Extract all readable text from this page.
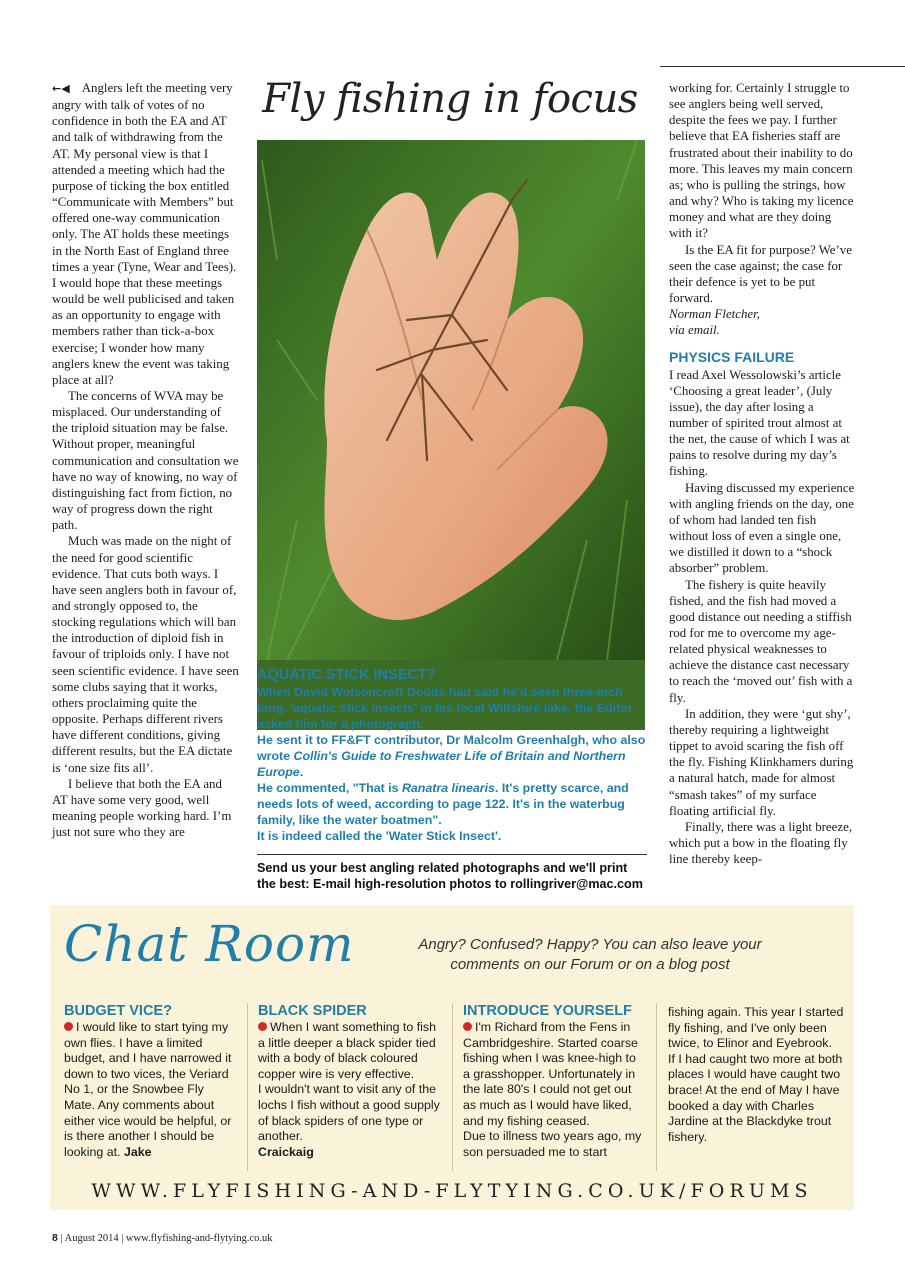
←◀ Anglers left the meeting very angry with talk of votes of no confidence in both the EA and AT and talk of withdrawing from the AT. My personal view is that I attended a meeting which had the purpose of ticking the box entitled “Communicate with Members” but offered one-way communication only. The AT holds these meetings in the North East of England three times a year (Tyne, Wear and Tees). I would hope that these meetings would be well publicised and taken as an opportunity to engage with members rather than tick-a-box exercise; I wonder how many anglers knew the event was taking place at all?

The concerns of WVA may be misplaced. Our understanding of the triploid situation may be false. Without proper, meaningful communication and consultation we have no way of knowing, no way of distinguishing fact from fiction, no way of progress down the right path.

Much was made on the night of the need for good scientific evidence. That cuts both ways. I have seen anglers both in favour of, and strongly opposed to, the stocking regulations which will ban the introduction of diploid fish in favour of triploids only. I have not seen scientific evidence. I have seen some clubs saying that it works, others proclaiming quite the opposite. Perhaps different rivers have different conditions, giving different results, but the EA dictate is ‘one size fits all’.

I believe that both the EA and AT have some very good, well meaning people working hard. I’m just not sure who they are

Fly fishing in focus
AQUATIC STICK INSECT?
When David Wolsoncroft Dodds had said he'd seen three-inch long, 'aquatic stick insects' in his local Wiltshire lake, the Editor asked him for a photograph.
He sent it to FF&FT contributor, Dr Malcolm Greenhalgh, who also wrote Collin's Guide to Freshwater Life of Britain and Northern Europe.
He commented, "That is Ranatra linearis. It's pretty scarce, and needs lots of weed, according to page 122. It's in the waterbug family, like the water boatmen".
It is indeed called the 'Water Stick Insect'.
Send us your best angling related photographs and we'll print the best: E-mail high-resolution photos to rollingriver@mac.com

working for. Certainly I struggle to see anglers being well served, despite the fees we pay. I further believe that EA fisheries staff are frustrated about their inability to do more. This leaves my main concern as; who is pulling the strings, how and why? Who is taking my licence money and what are they doing with it?

Is the EA fit for purpose? We’ve seen the case against; the case for their defence is yet to be put forward.

Norman Fletcher,

via email.

PHYSICS FAILURE

I read Axel Wessolowski’s article ‘Choosing a great leader’, (July issue), the day after losing a number of spirited trout almost at the net, the cause of which I was at pains to resolve during my day’s fishing.

Having discussed my experience with angling friends on the day, one of whom had landed ten fish without loss of even a single one, we distilled it down to a “shock absorber” problem.

The fishery is quite heavily fished, and the fish had moved a good distance out needing a stiffish rod for me to overcome my age-related physical weaknesses to achieve the distance cast necessary to reach the ‘moved out’ fish with a fly.

In addition, they were ‘gut shy’, thereby requiring a lightweight tippet to avoid scaring the fish off the fly. Fishing Klinkhamers during a natural hatch, made for almost “smash takes” of my surface floating artificial fly.

Finally, there was a light breeze, which put a bow in the floating fly line thereby keep-

Chat Room	Angry? Confused? Happy? You can also leave your comments on our Forum or on a blog post
BUDGET VICE?

I would like to start tying my own flies. I have a limited budget, and I have narrowed it down to two vices, the Veriard No 1, or the Snowbee Fly Mate. Any comments about either vice would be helpful, or is there another I should be looking at. Jake

BLACK SPIDER

When I want something to fish a little deeper a black spider tied with a body of black coloured copper wire is very effective.

I wouldn't want to visit any of the lochs I fish without a good supply of black spiders of one type or another.

Craickaig

INTRODUCE YOURSELF

I'm Richard from the Fens in Cambridgeshire. Started coarse fishing when I was knee-high to a grasshopper. Unfortunately in the late 80's I could not get out as much as I would have liked, and my fishing ceased.

Due to illness two years ago, my son persuaded me to start

fishing again. This year I started fly fishing, and I've only been twice, to Elinor and Eyebrook.

If I had caught two more at both places I would have caught two brace! At the end of May I have booked a day with Charles Jardine at the Blackdyke trout fishery.

WWW.FLYFISHING-AND-FLYTYING.CO.UK/FORUMS
8 | August 2014 | www.flyfishing-and-flytying.co.uk
